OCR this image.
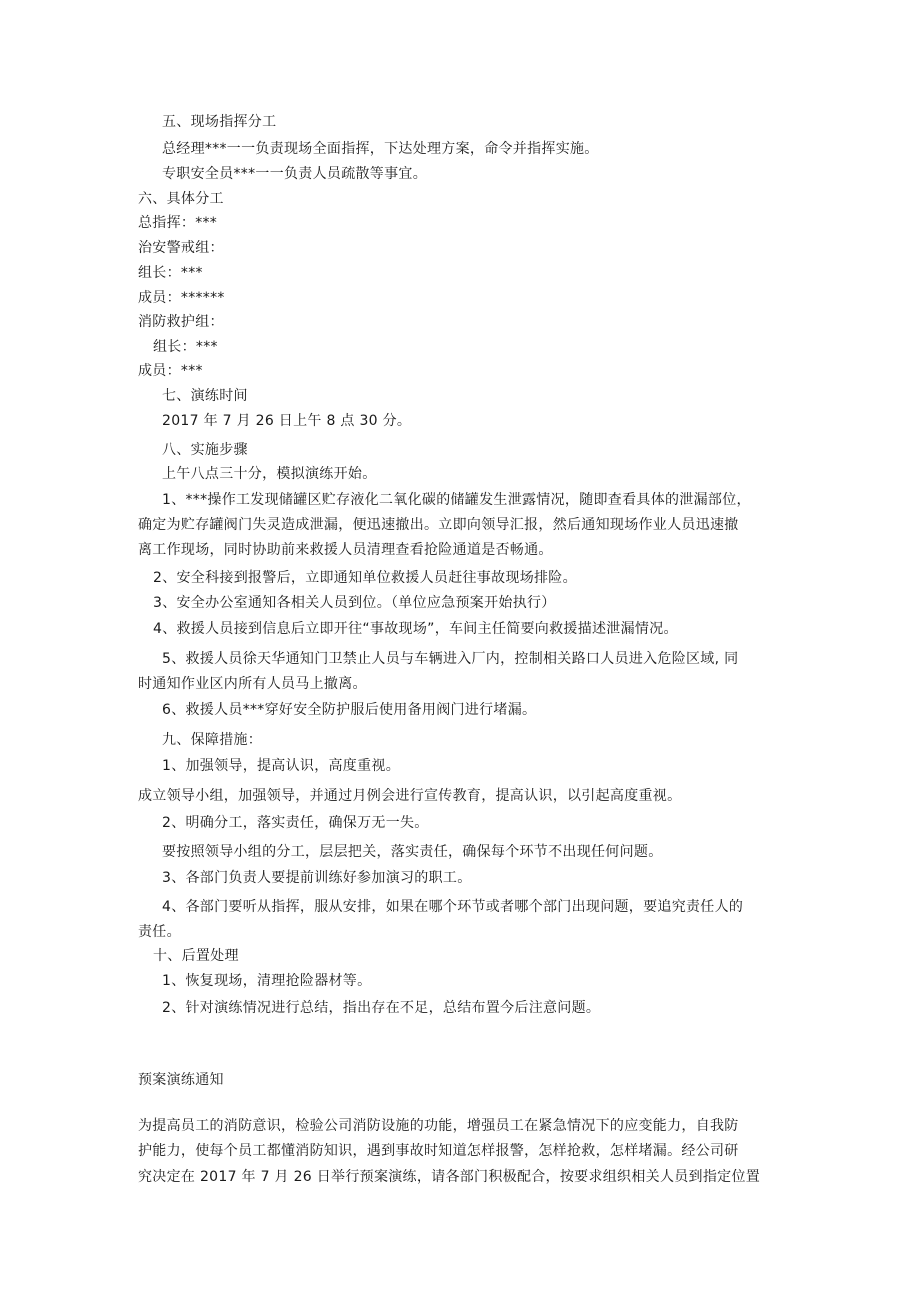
五、现场指挥分工

总经理***一一负责现场全面指挥，下达处理方案，命令并指挥实施。

专职安全员***一一负责人员疏散等事宜。

六、具体分工

总指挥：***

治安警戒组：

组长：***

成员：******

消防救护组：

组长：***

成员：***

七、演练时间

2017 年 7 月 26 日上午 8 点 30 分。

八、实施步骤

上午八点三十分，模拟演练开始。

1、***操作工发现储罐区贮存液化二氧化碳的储罐发生泄露情况，随即查看具体的泄漏部位，

确定为贮存罐阀门失灵造成泄漏，便迅速撤出。立即向领导汇报，然后通知现场作业人员迅速撤

离工作现场，同时协助前来救援人员清理查看抢险通道是否畅通。

2、安全科接到报警后，立即通知单位救援人员赶往事故现场排险。

3、安全办公室通知各相关人员到位。（单位应急预案开始执行）

4、救援人员接到信息后立即开往“事故现场”，车间主任简要向救援描述泄漏情况。

5、救援人员徐天华通知门卫禁止人员与车辆进入厂内，控制相关路口人员进入危险区域, 同

时通知作业区内所有人员马上撤离。

6、救援人员***穿好安全防护服后使用备用阀门进行堵漏。

九、保障措施：

1、加强领导，提高认识，高度重视。

成立领导小组，加强领导，并通过月例会进行宣传教育，提高认识，以引起高度重视。

2、明确分工，落实责任，确保万无一失。

要按照领导小组的分工，层层把关，落实责任，确保每个环节不出现任何问题。

3、各部门负责人要提前训练好参加演习的职工。

4、各部门要听从指挥，服从安排，如果在哪个环节或者哪个部门出现问题，要追究责任人的

责任。

十、后置处理

1、恢复现场，清理抢险器材等。

2、针对演练情况进行总结，指出存在不足，总结布置今后注意问题。

预案演练通知

为提高员工的消防意识，检验公司消防设施的功能，增强员工在紧急情况下的应变能力，自我防

护能力，使每个员工都懂消防知识，遇到事故时知道怎样报警，怎样抢救，怎样堵漏。经公司研

究决定在 2017 年 7 月 26 日举行预案演练，请各部门积极配合，按要求组织相关人员到指定位置
